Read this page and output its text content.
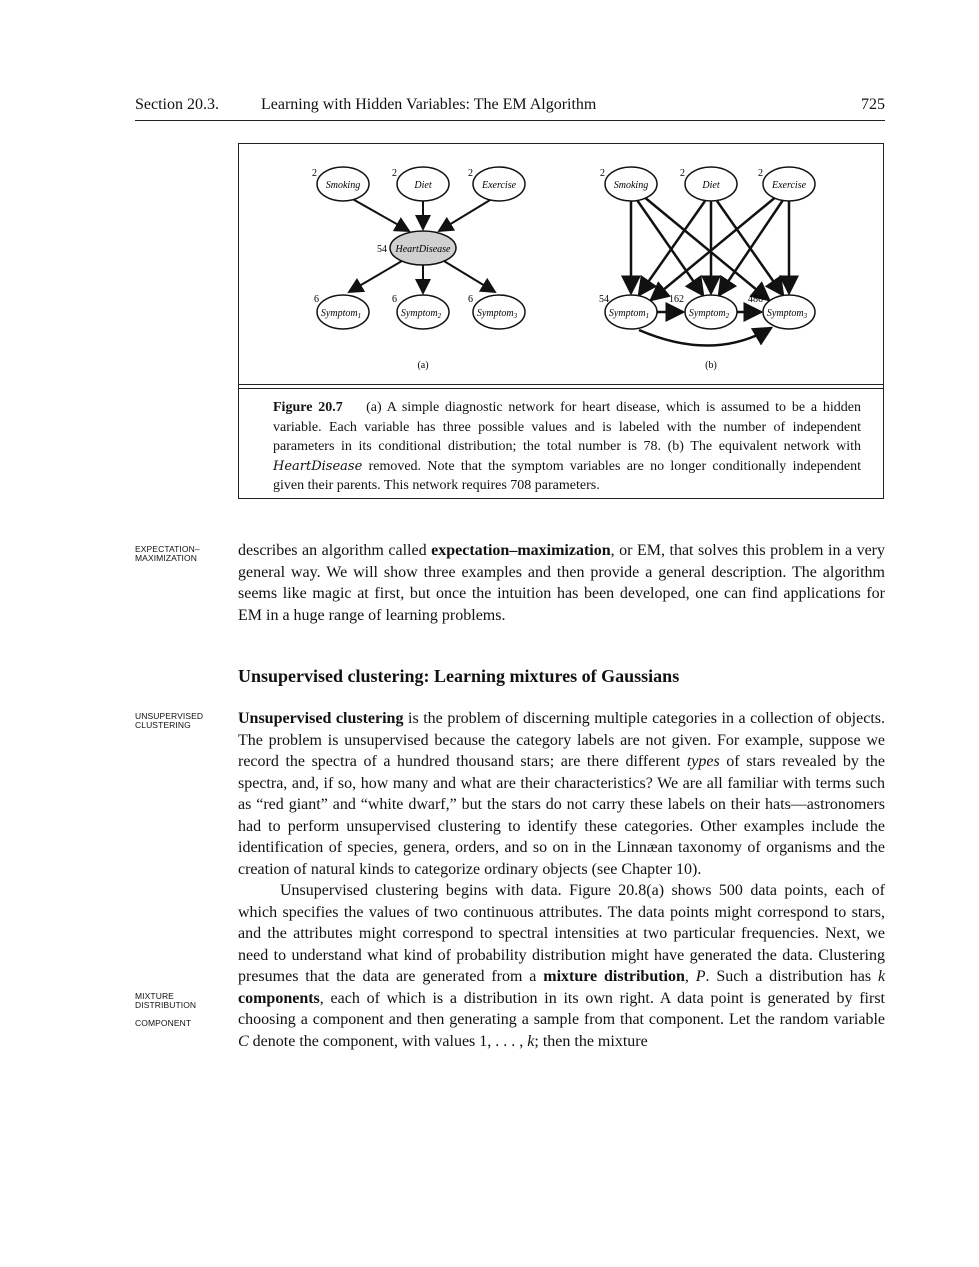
Section 20.3.	Learning with Hidden Variables: The EM Algorithm	725
Smoking	Diet	Exercise
HeartDisease
Symptom$_1$	Symptom$_2$	Symptom$_3$
2	2	2
54
6	6	6
(a)
Smoking	Diet	Exercise
Symptom$_1$	Symptom$_2$	Symptom$_3$
2	2	2
54	162	486
(b)
Figure 20.7 (a) A simple diagnostic network for heart disease, which is assumed to be a hidden variable. Each variable has three possible values and is labeled with the number of independent parameters in its conditional distribution; the total number is 78. (b) The equivalent network with HeartDisease removed. Note that the symptom variables are no longer conditionally independent given their parents. This network requires 708 parameters.
EXPECTATION–
MAXIMIZATION	describes an algorithm called expectation–maximization, or EM, that solves this problem in a very general way. We will show three examples and then provide a general description. The algorithm seems like magic at first, but once the intuition has been developed, one can find applications for EM in a huge range of learning problems.

Unsupervised clustering: Learning mixtures of Gaussians
UNSUPERVISED
CLUSTERING
MIXTURE
DISTRIBUTION
COMPONENT

Unsupervised clustering is the problem of discerning multiple categories in a collection of objects. The problem is unsupervised because the category labels are not given. For example, suppose we record the spectra of a hundred thousand stars; are there different types of stars revealed by the spectra, and, if so, how many and what are their characteristics? We are all familiar with terms such as “red giant” and “white dwarf,” but the stars do not carry these labels on their hats—astronomers had to perform unsupervised clustering to identify these categories. Other examples include the identification of species, genera, orders, and so on in the Linnæan taxonomy of organisms and the creation of natural kinds to categorize ordinary objects (see Chapter 10).

Unsupervised clustering begins with data. Figure 20.8(a) shows 500 data points, each of which specifies the values of two continuous attributes. The data points might correspond to stars, and the attributes might correspond to spectral intensities at two particular frequencies. Next, we need to understand what kind of probability distribution might have generated the data. Clustering presumes that the data are generated from a mixture distribution, P. Such a distribution has k components, each of which is a distribution in its own right. A data point is generated by first choosing a component and then generating a sample from that component. Let the random variable C denote the component, with values 1, . . . , k; then the mixture
